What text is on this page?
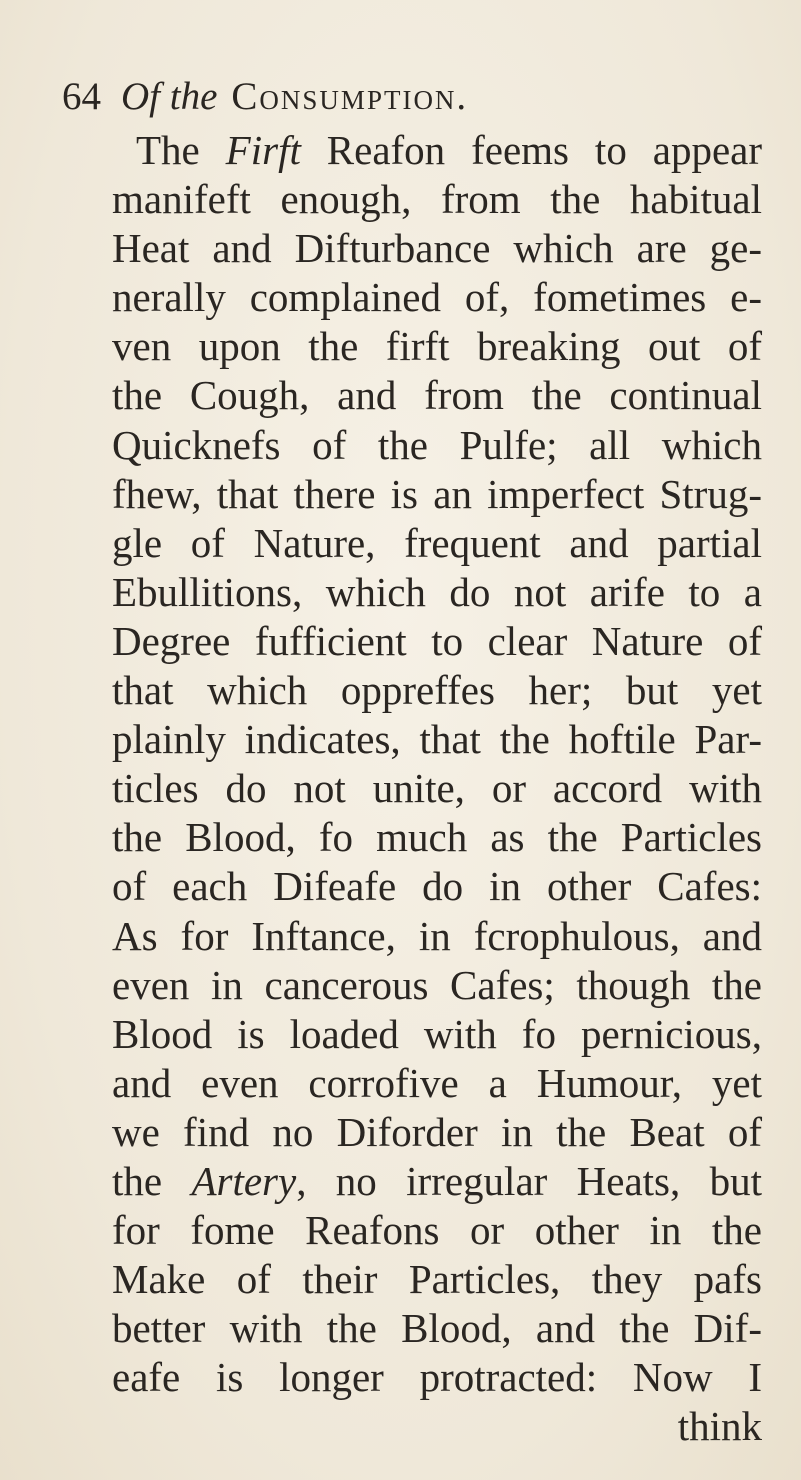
64 Of the Consumption.
The Firft Reafon feems to appear
manifeft enough, from the habitual
Heat and Difturbance which are ge-
nerally complained of, fometimes e-
ven upon the firft breaking out of
the Cough, and from the continual
Quicknefs of the Pulfe; all which
fhew, that there is an imperfect Strug-
gle of Nature, frequent and partial
Ebullitions, which do not arife to a
Degree fufficient to clear Nature of
that which oppreffes her; but yet
plainly indicates, that the hoftile Par-
ticles do not unite, or accord with
the Blood, fo much as the Particles
of each Difeafe do in other Cafes:
As for Inftance, in fcrophulous, and
even in cancerous Cafes; though the
Blood is loaded with fo pernicious,
and even corrofive a Humour, yet
we find no Diforder in the Beat of
the Artery, no irregular Heats, but
for fome Reafons or other in the
Make of their Particles, they pafs
better with the Blood, and the Dif-
eafe is longer protracted: Now I
think
